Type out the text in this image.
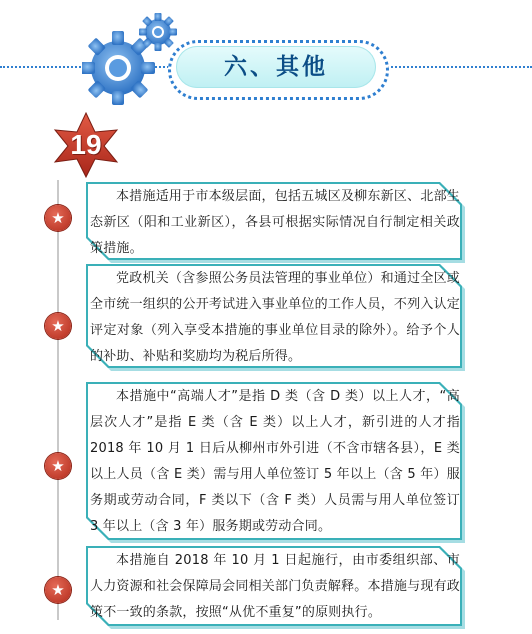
六、其他
19
本措施适用于市本级层面，包括五城区及柳东新区、北部生态新区（阳和工业新区），各县可根据实际情况自行制定相关政策措施。
★
党政机关（含参照公务员法管理的事业单位）和通过全区或全市统一组织的公开考试进入事业单位的工作人员，不列入认定评定对象（列入享受本措施的事业单位目录的除外）。给予个人的补助、补贴和奖励均为税后所得。
★
本措施中“高端人才”是指 D 类（含 D 类）以上人才，“高层次人才”是指 E 类（含 E 类）以上人才，新引进的人才指 2018 年 10 月 1 日后从柳州市外引进（不含市辖各县），E 类以上人员（含 E 类）需与用人单位签订 5 年以上（含 5 年）服务期或劳动合同，F 类以下（含 F 类）人员需与用人单位签订 3 年以上（含 3 年）服务期或劳动合同。
★
本措施自 2018 年 10 月 1 日起施行，由市委组织部、市人力资源和社会保障局会同相关部门负责解释。本措施与现有政策不一致的条款，按照“从优不重复”的原则执行。
★
